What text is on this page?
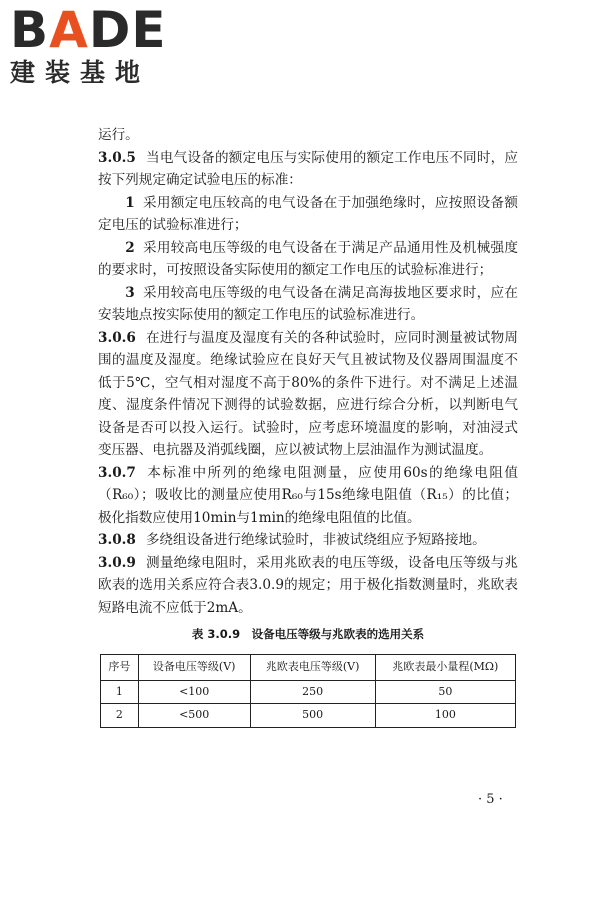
BADE
建装基地

运行。

3.0.5 当电气设备的额定电压与实际使用的额定工作电压不同时，应按下列规定确定试验电压的标准：

1 采用额定电压较高的电气设备在于加强绝缘时，应按照设备额定电压的试验标准进行；

2 采用较高电压等级的电气设备在于满足产品通用性及机械强度的要求时，可按照设备实际使用的额定工作电压的试验标准进行；

3 采用较高电压等级的电气设备在满足高海拔地区要求时，应在安装地点按实际使用的额定工作电压的试验标准进行。

3.0.6 在进行与温度及湿度有关的各种试验时，应同时测量被试物周围的温度及湿度。绝缘试验应在良好天气且被试物及仪器周围温度不低于5℃，空气相对湿度不高于80%的条件下进行。对不满足上述温度、湿度条件情况下测得的试验数据，应进行综合分析，以判断电气设备是否可以投入运行。试验时，应考虑环境温度的影响，对油浸式变压器、电抗器及消弧线圈，应以被试物上层油温作为测试温度。

3.0.7 本标准中所列的绝缘电阻测量，应使用60s的绝缘电阻值（R₆₀）；吸收比的测量应使用R₆₀与15s绝缘电阻值（R₁₅）的比值；极化指数应使用10min与1min的绝缘电阻值的比值。

3.0.8 多绕组设备进行绝缘试验时，非被试绕组应予短路接地。

3.0.9 测量绝缘电阻时，采用兆欧表的电压等级，设备电压等级与兆欧表的选用关系应符合表3.0.9的规定；用于极化指数测量时，兆欧表短路电流不应低于2mA。

表 3.0.9　设备电压等级与兆欧表的选用关系
序号	设备电压等级(V)	兆欧表电压等级(V)	兆欧表最小量程(MΩ)
1	<100	250	50
2	<500	500	100
· 5 ·
